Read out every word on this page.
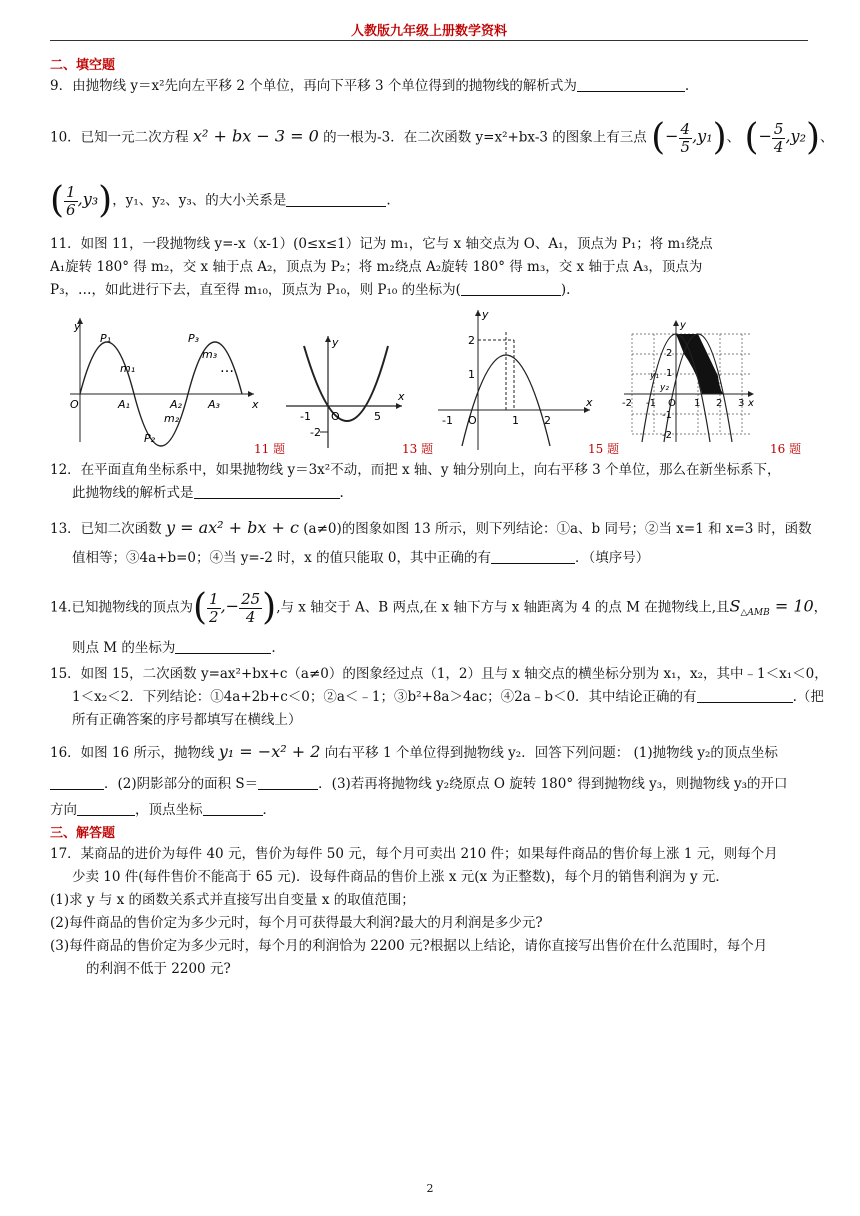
人教版九年级上册数学资料
二、填空题
9．由抛物线 y＝x²先向左平移 2 个单位，再向下平移 3 个单位得到的抛物线的解析式为	.
10．已知一元二次方程 x² + bx − 3 = 0 的一根为-3．在二次函数 y=x²+bx-3 的图象上有三点 (− $\frac{4}{5} ,y_1$)、 (− $\frac{5}{4} ,y_2$)、
( $\frac{1}{6} ,y_3$)，y₁、y₂、y₃、的大小关系是	.
11．如图 11，一段抛物线 y=-x（x-1）(0≤x≤1）记为 m₁，它与 x 轴交点为 O、A₁，顶点为 P₁；将 m₁绕点
A₁旋转 180° 得 m₂，交 x 轴于点 A₂，顶点为 P₂；将 m₂绕点 A₂旋转 180° 得 m₃，交 x 轴于点 A₃，顶点为
P₃，…，如此进行下去，直至得 m₁₀，顶点为 P₁₀，则 P₁₀ 的坐标为(	).
y
x
O
P₁
m₁
A₁
m₂
P₂
A₂
P₃
m₃
A₃
…
y
x
-1 O	5
-2
y
x
2
1
-1 O	1 2
y
x
O
2
1
-1
-2
-2 -1	1 2 3
y₁
y₂
11 题	13 题	15 题	16 题
12．在平面直角坐标系中，如果抛物线 y＝3x²不动，而把 x 轴、y 轴分别向上，向右平移 3 个单位，那么在新坐标系下，
此抛物线的解析式是	.
13．已知二次函数 y = ax² + bx + c (a≠0)的图象如图 13 所示，则下列结论：①a、b 同号；②当 x=1 和 x=3 时，函数
值相等；③4a+b=0；④当 y=-2 时，x 的值只能取 0，其中正确的有	．（填序号）
14.已知抛物线的顶点为( $\frac{1}{2}$ ,− $\frac{25}{4}$ ),与 x 轴交于 A、B 两点,在 x 轴下方与 x 轴距离为 4 的点 M 在抛物线上,且$S_{\triangle AMB} = 10$，
则点 M 的坐标为	.
15．如图 15，二次函数 y=ax²+bx+c（a≠0）的图象经过点（1，2）且与 x 轴交点的横坐标分别为 x₁，x₂，其中﹣1＜x₁＜0，
1＜x₂＜2．下列结论：①4a+2b+c＜0；②a＜﹣1；③b²+8a＞4ac；④2a﹣b＜0．其中结论正确的有	.（把
所有正确答案的序号都填写在横线上）
16．如图 16 所示，抛物线 y₁ = −x² + 2 向右平移 1 个单位得到抛物线 y₂．回答下列问题： (1)抛物线 y₂的顶点坐标
．(2)阴影部分的面积 S＝	．(3)若再将抛物线 y₂绕原点 O 旋转 180° 得到抛物线 y₃，则抛物线 y₃的开口
方向	，顶点坐标	．
三、解答题
17．某商品的进价为每件 40 元，售价为每件 50 元，每个月可卖出 210 件；如果每件商品的售价每上涨 1 元，则每个月
少卖 10 件(每件售价不能高于 65 元)．设每件商品的售价上涨 x 元(x 为正整数)，每个月的销售利润为 y 元．
(1)求 y 与 x 的函数关系式并直接写出自变量 x 的取值范围；
(2)每件商品的售价定为多少元时，每个月可获得最大利润?最大的月利润是多少元?
(3)每件商品的售价定为多少元时，每个月的利润恰为 2200 元?根据以上结论，请你直接写出售价在什么范围时，每个月
的利润不低于 2200 元?
2
